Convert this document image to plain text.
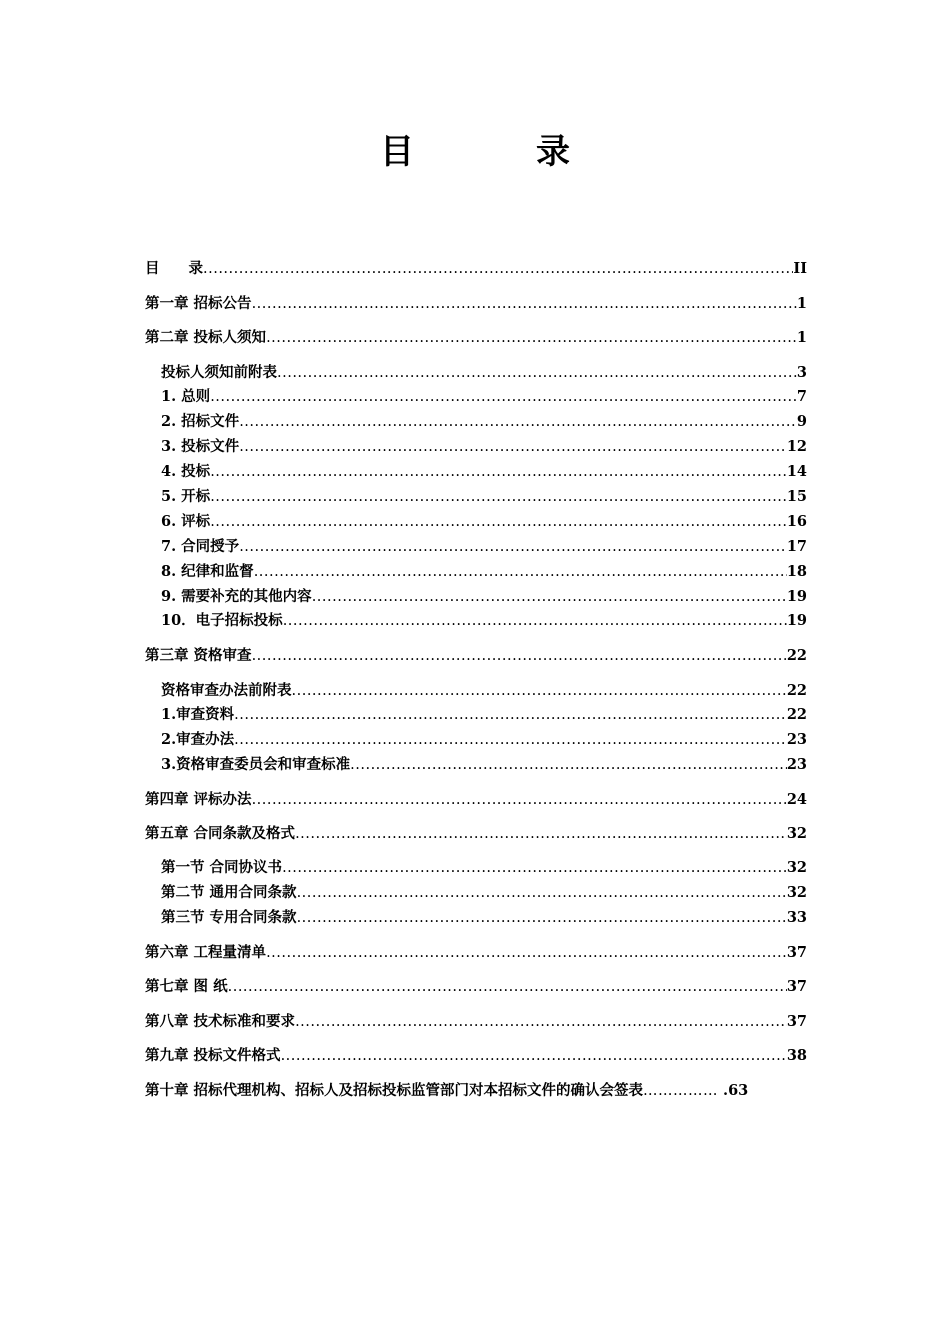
目　录
目　　录 .....	II
第一章 招标公告 .....	1
第二章 投标人须知 .....	1
投标人须知前附表 .....	3
1. 总则 .....	7
2. 招标文件 .....	9
3. 投标文件 .....	12
4. 投标 .....	14
5. 开标 .....	15
6. 评标 .....	16
7. 合同授予 .....	17
8. 纪律和监督 .....	18
9. 需要补充的其他内容 .....	19
10．电子招标投标 .....	19
第三章 资格审查 .....	22
资格审查办法前附表 .....	22
1.审查资料 .....	22
2.审查办法 .....	23
3.资格审查委员会和审查标准 .....	23
第四章 评标办法 .....	24
第五章 合同条款及格式 .....	32
第一节 合同协议书 .....	32
第二节 通用合同条款 .....	32
第三节 专用合同条款 .....	33
第六章 工程量清单 .....	37
第七章 图 纸 .....	37
第八章 技术标准和要求 .....	37
第九章 投标文件格式 .....	38
第十章 招标代理机构、招标人及招标投标监管部门对本招标文件的确认会签表 …………… .63
